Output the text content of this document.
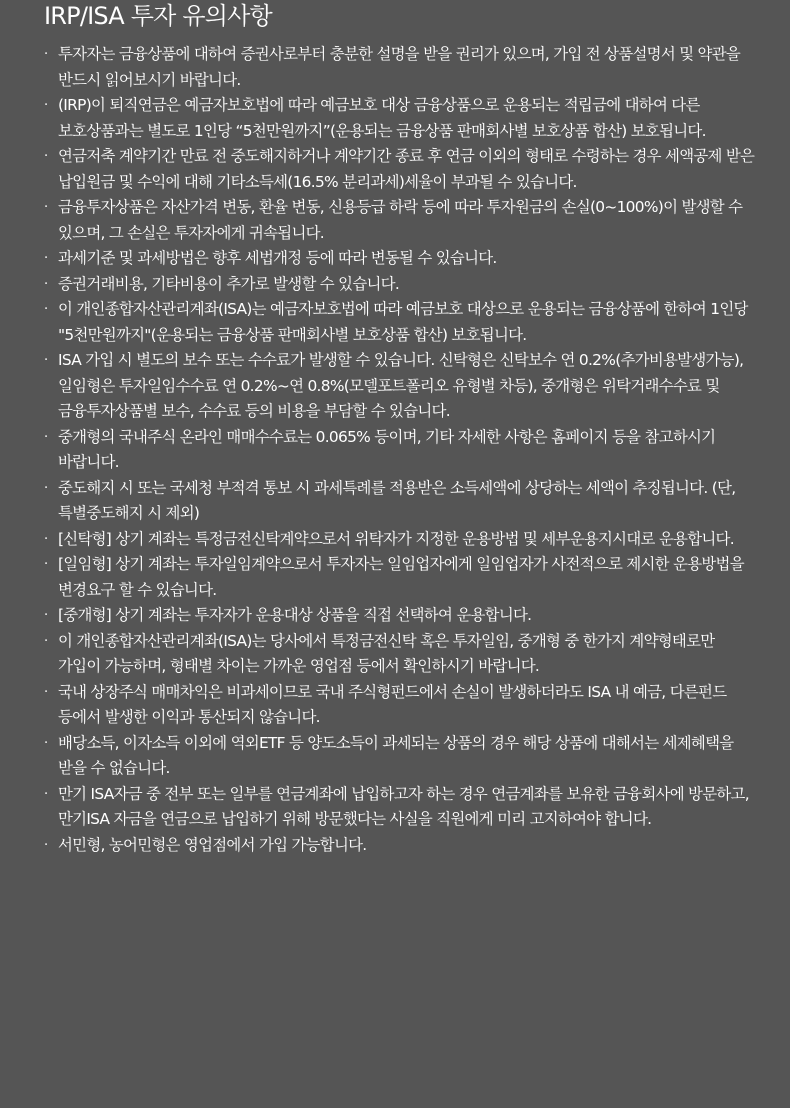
IRP/ISA 투자 유의사항
· 투자자는 금융상품에 대하여 증권사로부터 충분한 설명을 받을 권리가 있으며, 가입 전 상품설명서 및 약관을 반드시 읽어보시기 바랍니다.
· (IRP)이 퇴직연금은 예금자보호법에 따라 예금보호 대상 금융상품으로 운용되는 적립금에 대하여 다른 보호상품과는 별도로 1인당 “5천만원까지”(운용되는 금융상품 판매회사별 보호상품 합산) 보호됩니다.
· 연금저축 계약기간 만료 전 중도해지하거나 계약기간 종료 후 연금 이외의 형태로 수령하는 경우 세액공제 받은 납입원금 및 수익에 대해 기타소득세(16.5% 분리과세)세율이 부과될 수 있습니다.
· 금융투자상품은 자산가격 변동, 환율 변동, 신용등급 하락 등에 따라 투자원금의 손실(0~100%)이 발생할 수 있으며, 그 손실은 투자자에게 귀속됩니다.
· 과세기준 및 과세방법은 향후 세법개정 등에 따라 변동될 수 있습니다.
· 증권거래비용, 기타비용이 추가로 발생할 수 있습니다.
· 이 개인종합자산관리계좌(ISA)는 예금자보호법에 따라 예금보호 대상으로 운용되는 금융상품에 한하여 1인당 "5천만원까지"(운용되는 금융상품 판매회사별 보호상품 합산) 보호됩니다.
· ISA 가입 시 별도의 보수 또는 수수료가 발생할 수 있습니다. 신탁형은 신탁보수 연 0.2%(추가비용발생가능), 일임형은 투자일임수수료 연 0.2%~연 0.8%(모델포트폴리오 유형별 차등), 중개형은 위탁거래수수료 및 금융투자상품별 보수, 수수료 등의 비용을 부담할 수 있습니다.
· 중개형의 국내주식 온라인 매매수수료는 0.065% 등이며, 기타 자세한 사항은 홈페이지 등을 참고하시기 바랍니다.
· 중도해지 시 또는 국세청 부적격 통보 시 과세특례를 적용받은 소득세액에 상당하는 세액이 추징됩니다. (단, 특별중도해지 시 제외)
· [신탁형] 상기 계좌는 특정금전신탁계약으로서 위탁자가 지정한 운용방법 및 세부운용지시대로 운용합니다.
· [일임형] 상기 계좌는 투자일임계약으로서 투자자는 일임업자에게 일임업자가 사전적으로 제시한 운용방법을 변경요구 할 수 있습니다.
· [중개형] 상기 계좌는 투자자가 운용대상 상품을 직접 선택하여 운용합니다.
· 이 개인종합자산관리계좌(ISA)는 당사에서 특정금전신탁 혹은 투자일임, 중개형 중 한가지 계약형태로만 가입이 가능하며, 형태별 차이는 가까운 영업점 등에서 확인하시기 바랍니다.
· 국내 상장주식 매매차익은 비과세이므로 국내 주식형펀드에서 손실이 발생하더라도 ISA 내 예금, 다른펀드 등에서 발생한 이익과 통산되지 않습니다.
· 배당소득, 이자소득 이외에 역외ETF 등 양도소득이 과세되는 상품의 경우 해당 상품에 대해서는 세제혜택을 받을 수 없습니다.
· 만기 ISA자금 중 전부 또는 일부를 연금계좌에 납입하고자 하는 경우 연금계좌를 보유한 금융회사에 방문하고, 만기ISA 자금을 연금으로 납입하기 위해 방문했다는 사실을 직원에게 미리 고지하여야 합니다.
· 서민형, 농어민형은 영업점에서 가입 가능합니다.
